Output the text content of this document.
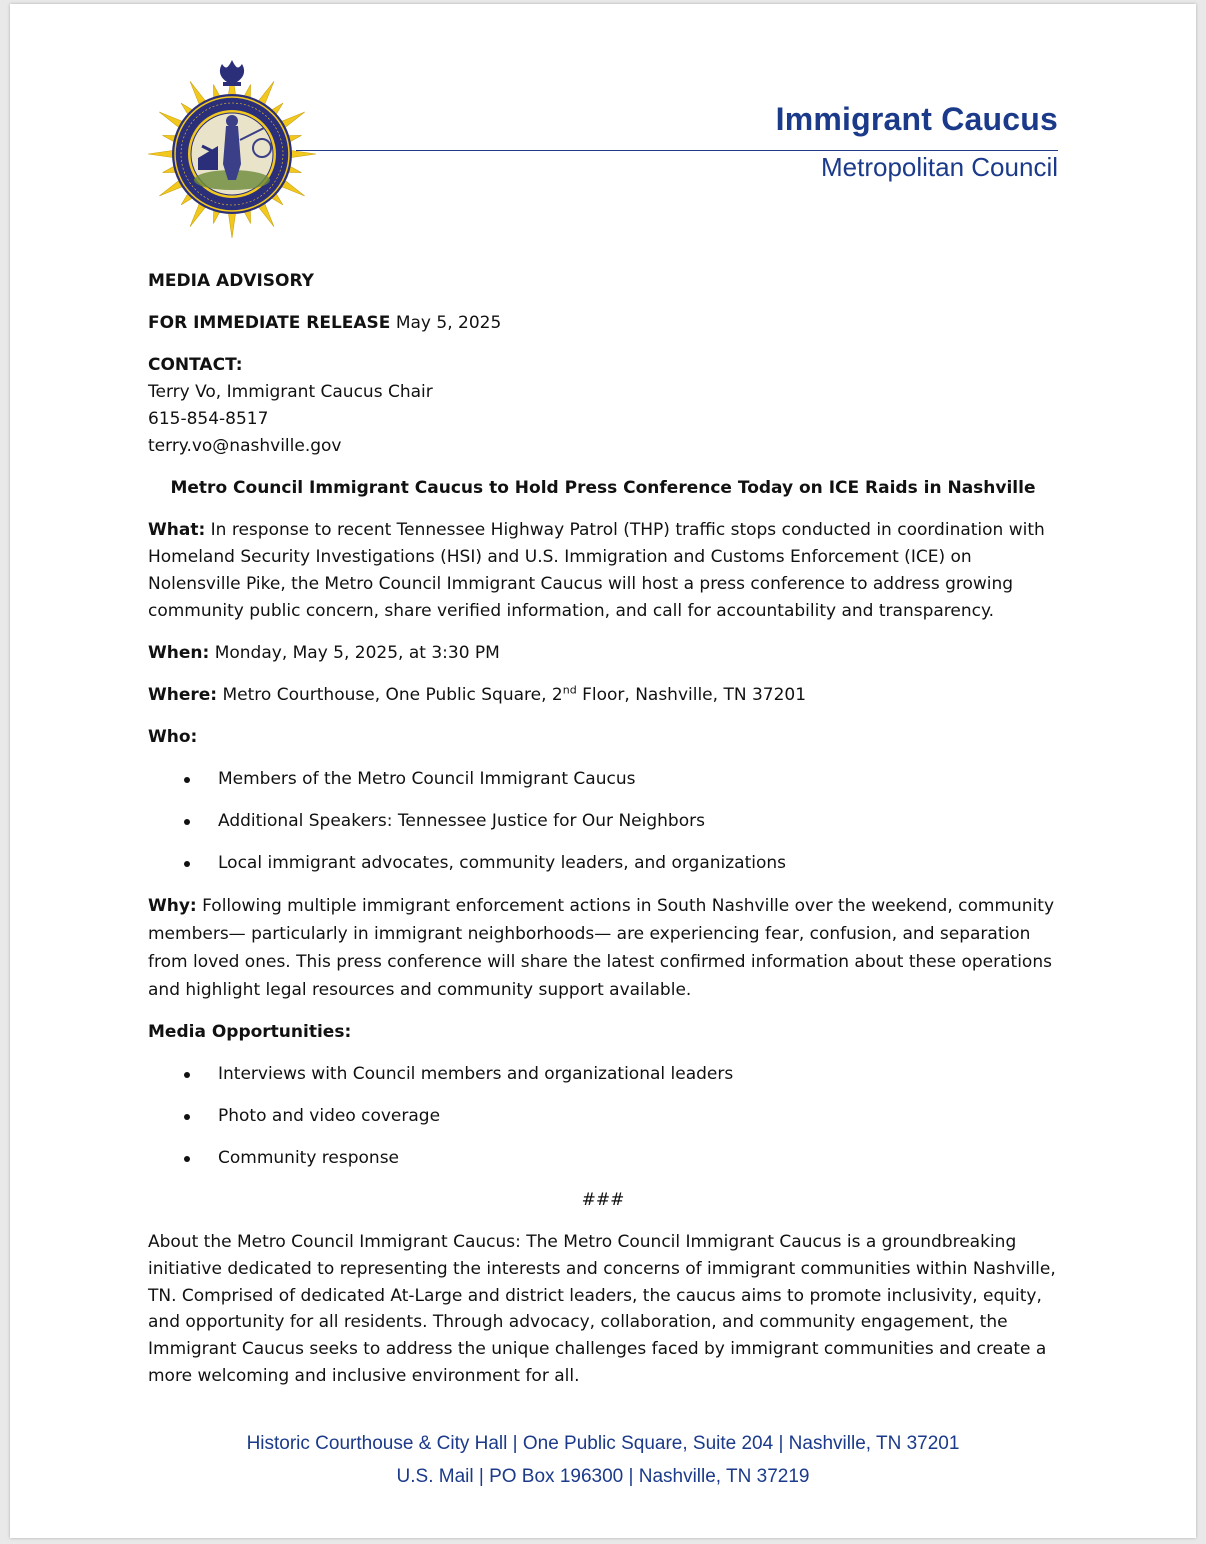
Immigrant Caucus
Metropolitan Council

MEDIA ADVISORY

FOR IMMEDIATE RELEASE May 5, 2025

CONTACT:

Terry Vo, Immigrant Caucus Chair

615-854-8517

terry.vo@nashville.gov

Metro Council Immigrant Caucus to Hold Press Conference Today on ICE Raids in Nashville

What: In response to recent Tennessee Highway Patrol (THP) traffic stops conducted in coordination with Homeland Security Investigations (HSI) and U.S. Immigration and Customs Enforcement (ICE) on Nolensville Pike, the Metro Council Immigrant Caucus will host a press conference to address growing community public concern, share verified information, and call for accountability and transparency.

When: Monday, May 5, 2025, at 3:30 PM

Where: Metro Courthouse, One Public Square, 2nd Floor, Nashville, TN 37201

Who:

Members of the Metro Council Immigrant Caucus
Additional Speakers: Tennessee Justice for Our Neighbors
Local immigrant advocates, community leaders, and organizations

Why: Following multiple immigrant enforcement actions in South Nashville over the weekend, community members— particularly in immigrant neighborhoods— are experiencing fear, confusion, and separation from loved ones. This press conference will share the latest confirmed information about these operations and highlight legal resources and community support available.

Media Opportunities:

Interviews with Council members and organizational leaders
Photo and video coverage
Community response

###

About the Metro Council Immigrant Caucus: The Metro Council Immigrant Caucus is a groundbreaking initiative dedicated to representing the interests and concerns of immigrant communities within Nashville, TN. Comprised of dedicated At-Large and district leaders, the caucus aims to promote inclusivity, equity, and opportunity for all residents. Through advocacy, collaboration, and community engagement, the Immigrant Caucus seeks to address the unique challenges faced by immigrant communities and create a more welcoming and inclusive environment for all.

Historic Courthouse & City Hall | One Public Square, Suite 204 | Nashville, TN 37201
U.S. Mail | PO Box 196300 | Nashville, TN 37219
